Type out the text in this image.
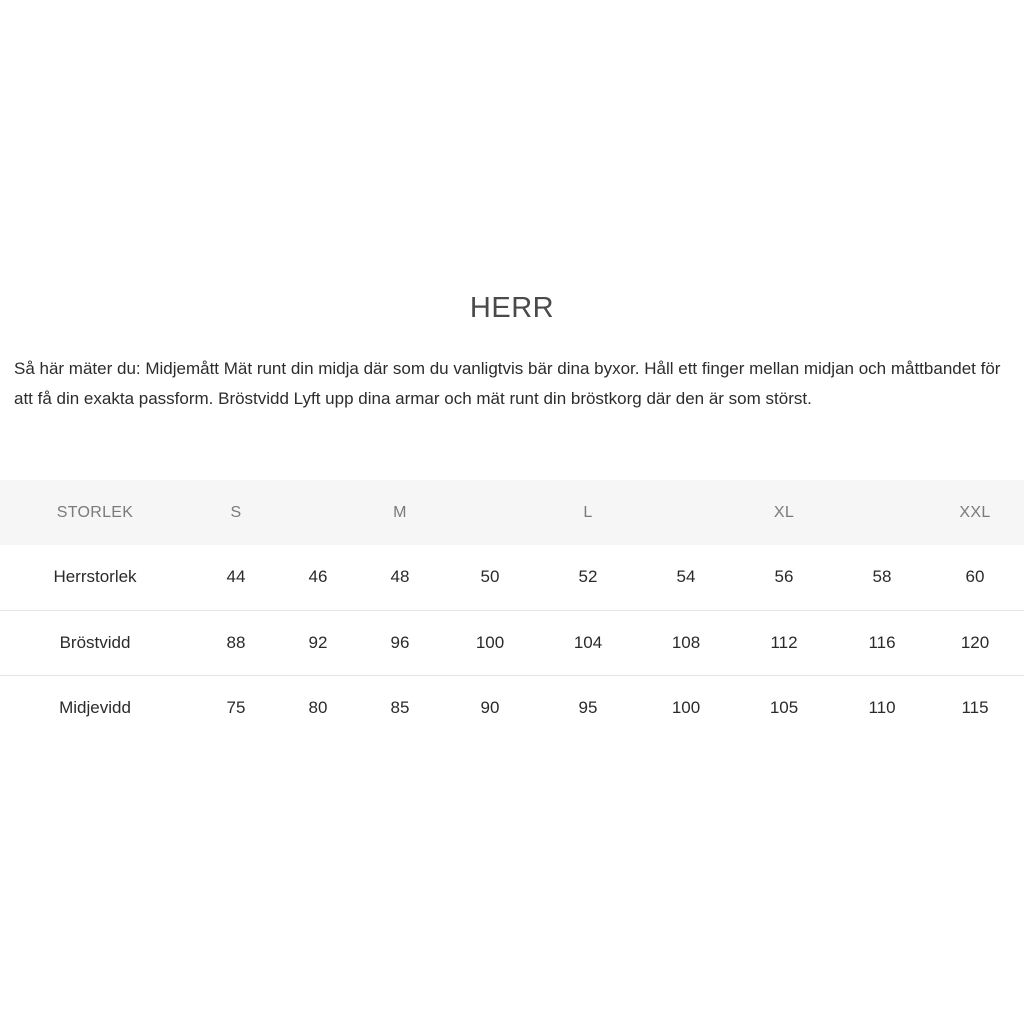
HERR

Så här mäter du: Midjemått Mät runt din midja där som du vanligtvis bär dina byxor. Håll ett finger mellan midjan och måttbandet för att få din exakta passform. Bröstvidd Lyft upp dina armar och mät runt din bröstkorg där den är som störst.

STORLEK	S		M		L		XL		XXL
Herrstorlek	44	46	48	50	52	54	56	58	60
Bröstvidd	88	92	96	100	104	108	112	116	120
Midjevidd	75	80	85	90	95	100	105	110	115
